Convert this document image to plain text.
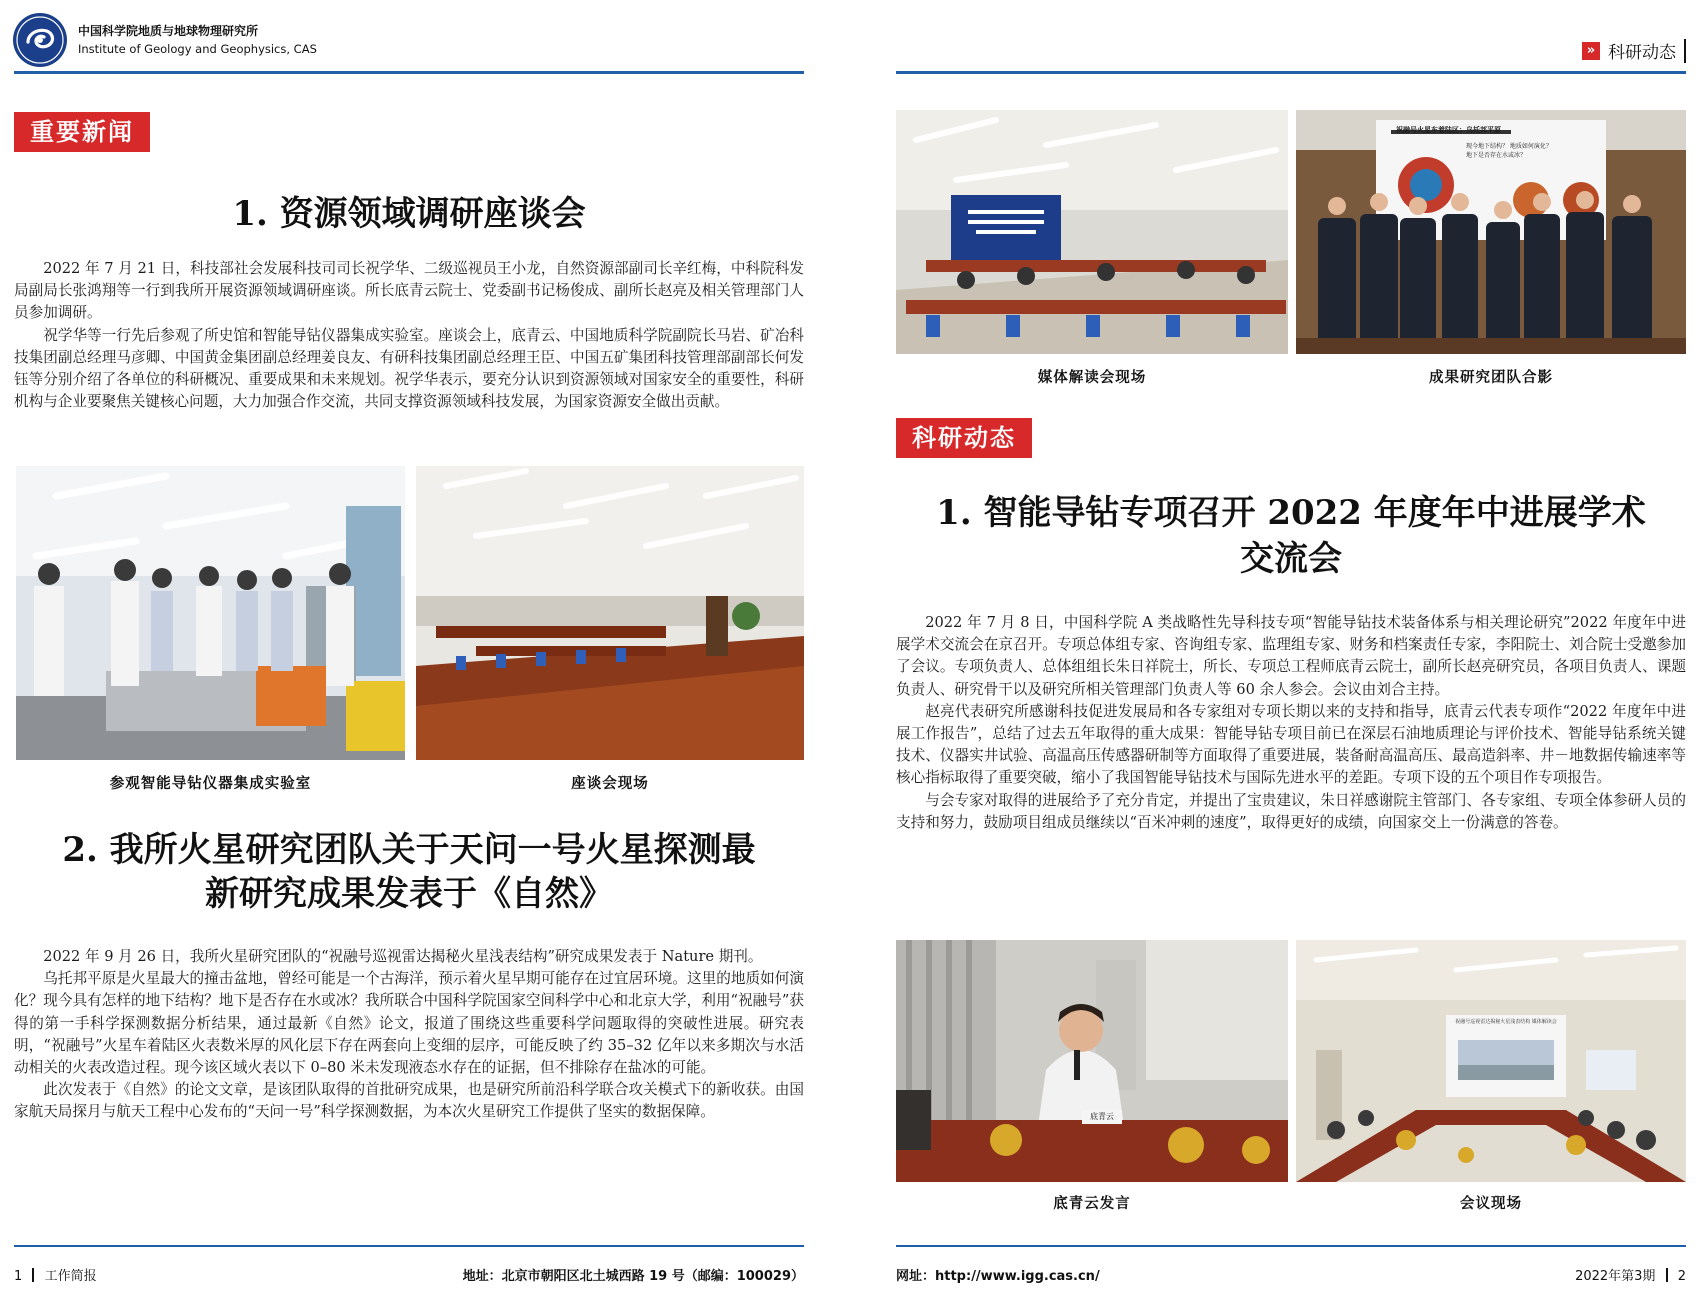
中国科学院地质与地球物理研究所
Institute of Geology and Geophysics, CAS
重要新闻
1. 资源领域调研座谈会

2022 年 7 月 21 日，科技部社会发展科技司司长祝学华、二级巡视员王小龙，自然资源部副司长辛红梅，中科院科发局副局长张鸿翔等一行到我所开展资源领域调研座谈。所长底青云院士、党委副书记杨俊成、副所长赵亮及相关管理部门人员参加调研。

祝学华等一行先后参观了所史馆和智能导钻仪器集成实验室。座谈会上，底青云、中国地质科学院副院长马岩、矿冶科技集团副总经理马彦卿、中国黄金集团副总经理姜良友、有研科技集团副总经理王臣、中国五矿集团科技管理部副部长何发钰等分别介绍了各单位的科研概况、重要成果和未来规划。祝学华表示，要充分认识到资源领域对国家安全的重要性，科研机构与企业要聚焦关键核心问题，大力加强合作交流，共同支撑资源领域科技发展，为国家资源安全做出贡献。

参观智能导钻仪器集成实验室	座谈会现场
2. 我所火星研究团队关于天问一号火星探测最
新研究成果发表于《自然》

2022 年 9 月 26 日，我所火星研究团队的“祝融号巡视雷达揭秘火星浅表结构”研究成果发表于 Nature 期刊。

乌托邦平原是火星最大的撞击盆地，曾经可能是一个古海洋，预示着火星早期可能存在过宜居环境。这里的地质如何演化？现今具有怎样的地下结构？地下是否存在水或冰？我所联合中国科学院国家空间科学中心和北京大学，利用“祝融号”获得的第一手科学探测数据分析结果，通过最新《自然》论文，报道了围绕这些重要科学问题取得的突破性进展。研究表明，“祝融号”火星车着陆区火表数米厚的风化层下存在两套向上变细的层序，可能反映了约 35–32 亿年以来多期次与水活动相关的火表改造过程。现今该区域火表以下 0–80 米未发现液态水存在的证据，但不排除存在盐冰的可能。

此次发表于《自然》的论文文章，是该团队取得的首批研究成果，也是研究所前沿科学联合攻关模式下的新收获。由国家航天局探月与航天工程中心发布的“天问一号”科学探测数据，为本次火星研究工作提供了坚实的数据保障。

1 工作简报	地址：北京市朝阳区北土城西路 19 号（邮编：100029）
» 科研动态
媒体解读会现场
祝融号火星车着陆区：乌托邦平原
现今地下结构？ 地质如何演化？
地下是否存在水或冰？
成果研究团队合影
科研动态
1. 智能导钻专项召开 2022 年度年中进展学术
交流会

2022 年 7 月 8 日，中国科学院 A 类战略性先导科技专项“智能导钻技术装备体系与相关理论研究”2022 年度年中进展学术交流会在京召开。专项总体组专家、咨询组专家、监理组专家、财务和档案责任专家，李阳院士、刘合院士受邀参加了会议。专项负责人、总体组组长朱日祥院士，所长、专项总工程师底青云院士，副所长赵亮研究员，各项目负责人、课题负责人、研究骨干以及研究所相关管理部门负责人等 60 余人参会。会议由刘合主持。

赵亮代表研究所感谢科技促进发展局和各专家组对专项长期以来的支持和指导，底青云代表专项作“2022 年度年中进展工作报告”，总结了过去五年取得的重大成果：智能导钻专项目前已在深层石油地质理论与评价技术、智能导钻系统关键技术、仪器实井试验、高温高压传感器研制等方面取得了重要进展，装备耐高温高压、最高造斜率、井－地数据传输速率等核心指标取得了重要突破，缩小了我国智能导钻技术与国际先进水平的差距。专项下设的五个项目作专项报告。

与会专家对取得的进展给予了充分肯定，并提出了宝贵建议，朱日祥感谢院主管部门、各专家组、专项全体参研人员的支持和努力，鼓励项目组成员继续以“百米冲刺的速度”，取得更好的成绩，向国家交上一份满意的答卷。

底青云
底青云发言
祝融号巡视雷达揭秘火星浅表结构 媒体解读会
会议现场
网址：http://www.igg.cas.cn/	2022年第3期 2
